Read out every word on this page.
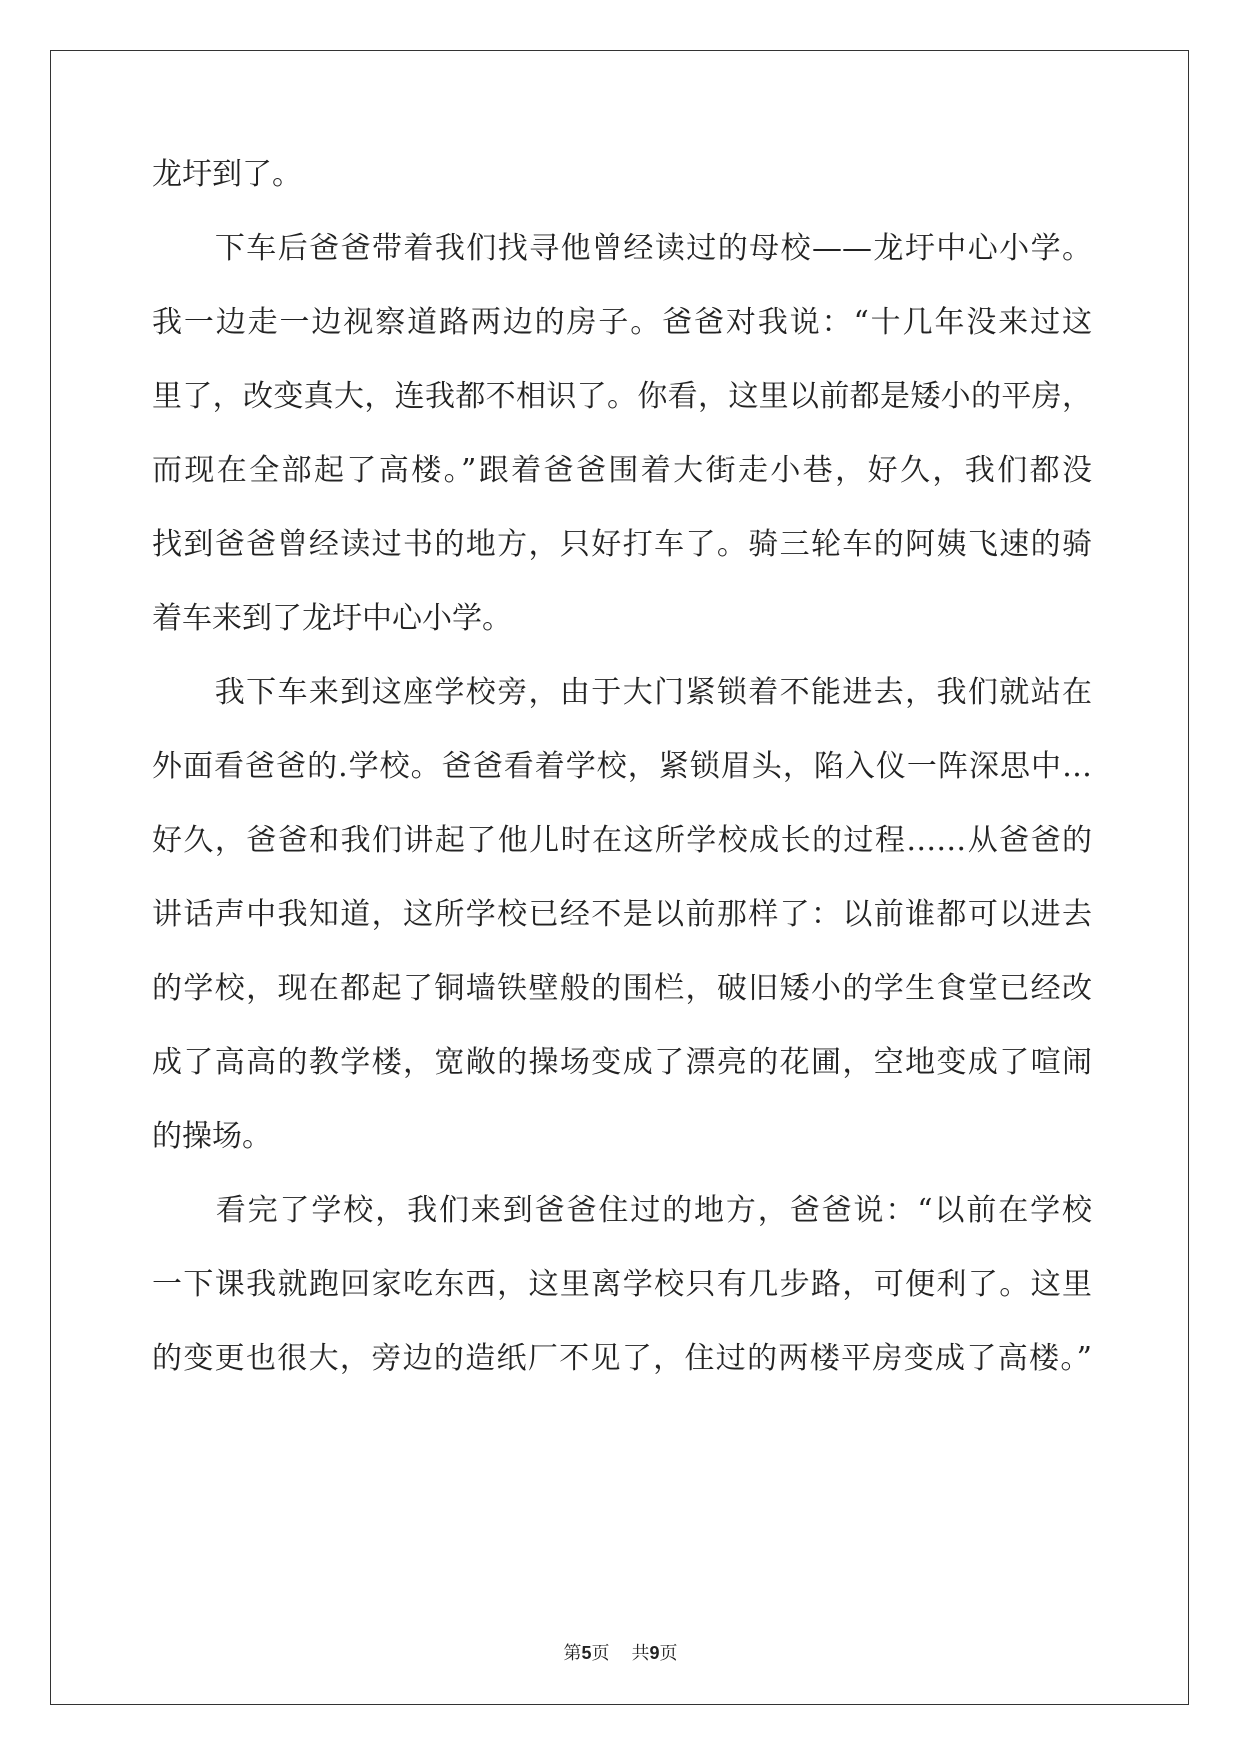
龙圩到了。

　　下车后爸爸带着我们找寻他曾经读过的母校——龙圩中心小学。

我一边走一边视察道路两边的房子。爸爸对我说：“十几年没来过这

里了，改变真大，连我都不相识了。你看，这里以前都是矮小的平房，

而现在全部起了高楼。”跟着爸爸围着大街走小巷，好久，我们都没

找到爸爸曾经读过书的地方，只好打车了。骑三轮车的阿姨飞速的骑

着车来到了龙圩中心小学。

　　我下车来到这座学校旁，由于大门紧锁着不能进去，我们就站在

外面看爸爸的.学校。爸爸看着学校，紧锁眉头，陷入仪一阵深思中…

好久，爸爸和我们讲起了他儿时在这所学校成长的过程……从爸爸的

讲话声中我知道，这所学校已经不是以前那样了：以前谁都可以进去

的学校，现在都起了铜墙铁壁般的围栏，破旧矮小的学生食堂已经改

成了高高的教学楼，宽敞的操场变成了漂亮的花圃，空地变成了喧闹

的操场。

　　看完了学校，我们来到爸爸住过的地方，爸爸说：“以前在学校

一下课我就跑回家吃东西，这里离学校只有几步路，可便利了。这里

的变更也很大，旁边的造纸厂不见了，住过的两楼平房变成了高楼。”

第5页 共9页
